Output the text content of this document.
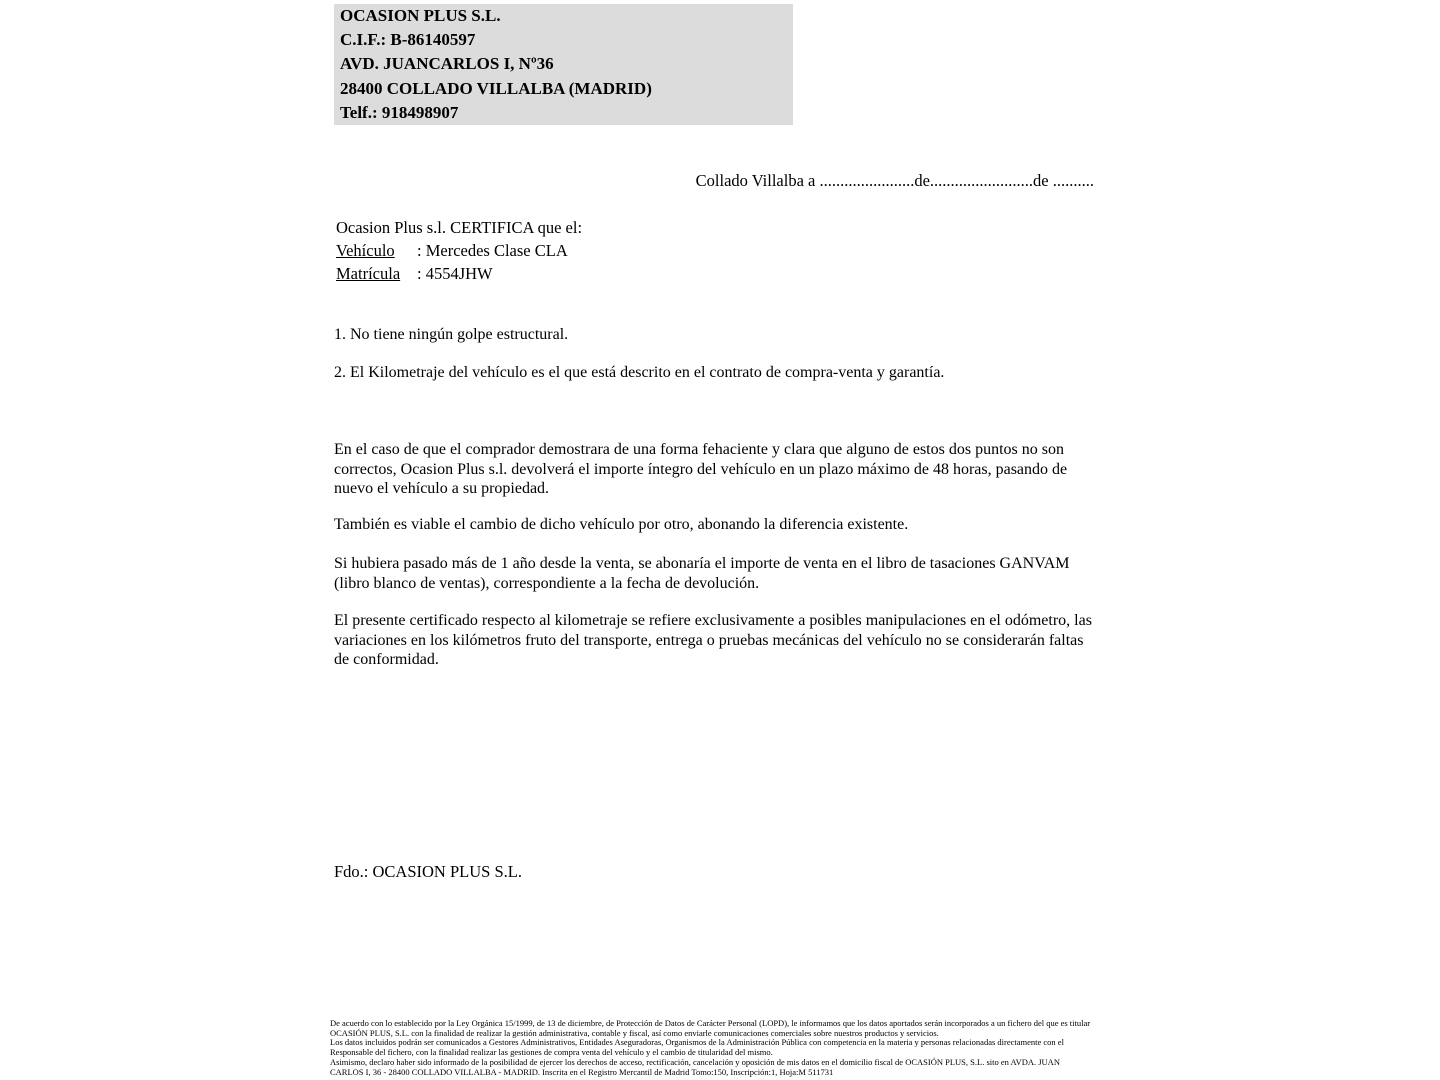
OCASION PLUS S.L.
C.I.F.: B-86140597
AVD. JUANCARLOS I, Nº36
28400 COLLADO VILLALBA (MADRID)
Telf.: 918498907
Collado Villalba a .......................de.........................de ..........
Ocasion Plus s.l. CERTIFICA que el:
Vehículo : Mercedes Clase CLA
Matrícula : 4554JHW

1. No tiene ningún golpe estructural.

2. El Kilometraje del vehículo es el que está descrito en el contrato de compra-venta y garantía.

En el caso de que el comprador demostrara de una forma fehaciente y clara que alguno de estos dos puntos no son correctos, Ocasion Plus s.l. devolverá el importe íntegro del vehículo en un plazo máximo de 48 horas, pasando de nuevo el vehículo a su propiedad.

También es viable el cambio de dicho vehículo por otro, abonando la diferencia existente.

Si hubiera pasado más de 1 año desde la venta, se abonaría el importe de venta en el libro de tasaciones GANVAM (libro blanco de ventas), correspondiente a la fecha de devolución.

El presente certificado respecto al kilometraje se refiere exclusivamente a posibles manipulaciones en el odómetro, las variaciones en los kilómetros fruto del transporte, entrega o pruebas mecánicas del vehículo no se considerarán faltas de conformidad.

Fdo.: OCASION PLUS S.L.
De acuerdo con lo establecido por la Ley Orgánica 15/1999, de 13 de diciembre, de Protección de Datos de Carácter Personal (LOPD), le informamos que los datos aportados serán incorporados a un fichero del que es titular
OCASIÓN PLUS, S.L. con la finalidad de realizar la gestión administrativa, contable y fiscal, así como enviarle comunicaciones comerciales sobre nuestros productos y servicios.
Los datos incluidos podrán ser comunicados a Gestores Administrativos, Entidades Aseguradoras, Organismos de la Administración Pública con competencia en la materia y personas relacionadas directamente con el
Responsable del fichero, con la finalidad realizar las gestiones de compra venta del vehículo y el cambio de titularidad del mismo.
Asimismo, declaro haber sido informado de la posibilidad de ejercer los derechos de acceso, rectificación, cancelación y oposición de mis datos en el domicilio fiscal de OCASIÓN PLUS, S.L. sito en AVDA. JUAN
CARLOS I, 36 - 28400 COLLADO VILLALBA - MADRID. Inscrita en el Registro Mercantil de Madrid Tomo:150, Inscripción:1, Hoja:M 511731
